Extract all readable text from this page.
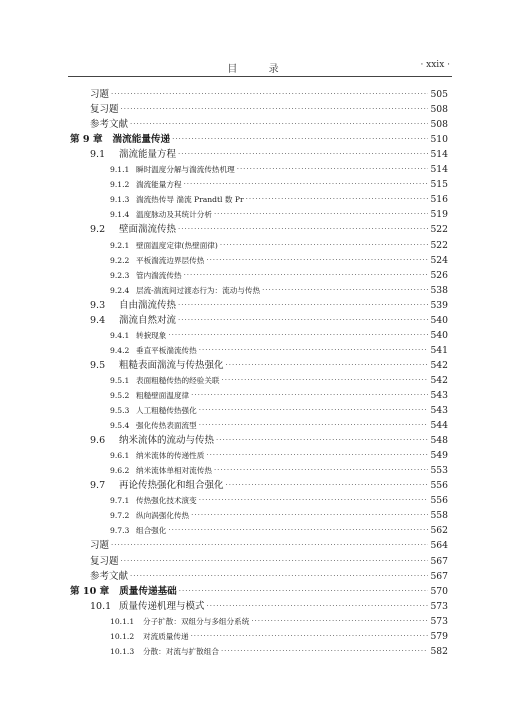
目 录	· xxix ·
习题 ·····	505
复习题 ·····	508
参考文献 ·····	508
第 9 章 湍流能量传递 ·····	510
9.1	湍流能量方程 ·····	514
9.1.1 瞬时温度分解与湍流传热机理 ·····	514
9.1.2 湍流能量方程 ·····	515
9.1.3 湍流热传导 湍流 Prandtl 数 Pr ·····	516
9.1.4 温度脉动及其统计分析 ·····	519
9.2	壁面湍流传热 ·····	522
9.2.1 壁面温度定律(热壁面律) ·····	522
9.2.2 平板湍流边界层传热 ·····	524
9.2.3 管内湍流传热 ·····	526
9.2.4 层流-湍流间过渡态行为：流动与传热 ·····	538
9.3	自由湍流传热 ·····	539
9.4	湍流自然对流 ·····	540
9.4.1 转捩现象 ·····	540
9.4.2 垂直平板湍流传热 ·····	541
9.5	粗糙表面湍流与传热强化 ·····	542
9.5.1 表面粗糙传热的经验关联 ·····	542
9.5.2 粗糙壁面温度律 ·····	543
9.5.3 人工粗糙传热强化 ·····	543
9.5.4 强化传热表面流型 ·····	544
9.6	纳米流体的流动与传热 ·····	548
9.6.1 纳米流体的传递性质 ·····	549
9.6.2 纳米流体单相对流传热 ·····	553
9.7	再论传热强化和组合强化 ·····	556
9.7.1 传热强化技术演变 ·····	556
9.7.2 纵向涡强化传热 ·····	558
9.7.3 组合强化 ·····	562
习题 ·····	564
复习题 ·····	567
参考文献 ·····	567
第 10 章 质量传递基础 ·····	570
10.1 质量传递机理与模式 ·····	573
10.1.1	分子扩散：双组分与多组分系统 ·····	573
10.1.2	对流质量传递 ·····	579
10.1.3	分散：对流与扩散组合 ·····	582
